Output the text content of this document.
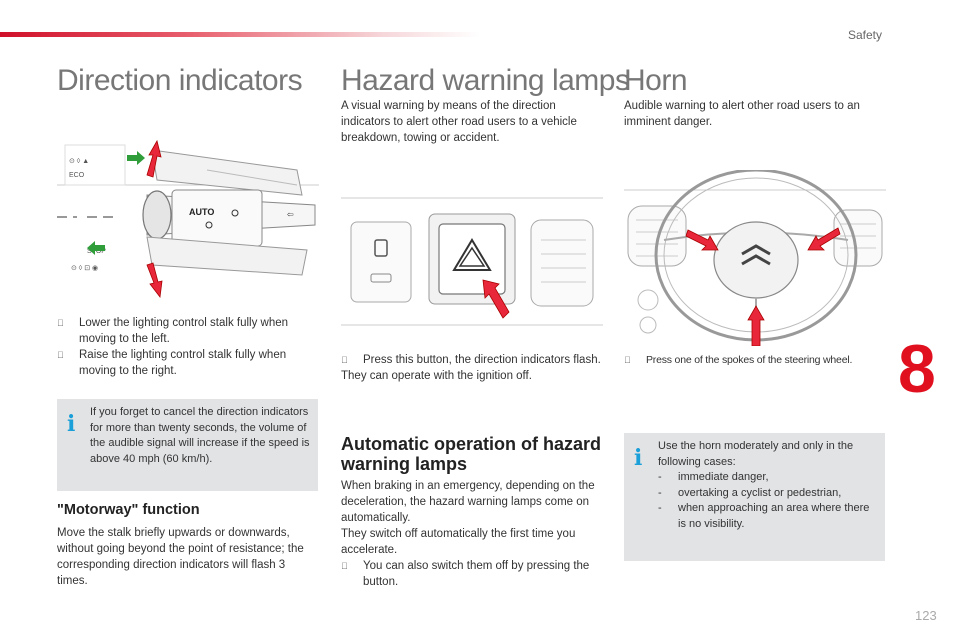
Safety
Direction indicators
AUTO	⇦
⊙ ◊ ▲
ECO
STOP
⊙ ◊ ⊡ ◉

Lower the lighting control stalk fully when moving to the left.

Raise the lighting control stalk fully when moving to the right.

i If you forget to cancel the direction indicators for more than twenty seconds, the volume of the audible signal will increase if the speed is above 40 mph (60 km/h).
"Motorway" function
Move the stalk briefly upwards or downwards, without going beyond the point of resistance; the corresponding direction indicators will flash 3 times.
Hazard warning lamps
A visual warning by means of the direction indicators to alert other road users to a vehicle breakdown, towing or accident.

Press this button, the direction indicators flash.

They can operate with the ignition off.

Automatic operation of hazard warning lamps

When braking in an emergency, depending on the deceleration, the hazard warning lamps come on automatically.

They switch off automatically the first time you accelerate.

You can also switch them off by pressing the button.

Horn
Audible warning to alert other road users to an imminent danger.

Press one of the spokes of the steering wheel.

i Use the horn moderately and only in the following cases:
- immediate danger,
- overtaking a cyclist or pedestrian,
- when approaching an area where there is no visibility.
8
123
